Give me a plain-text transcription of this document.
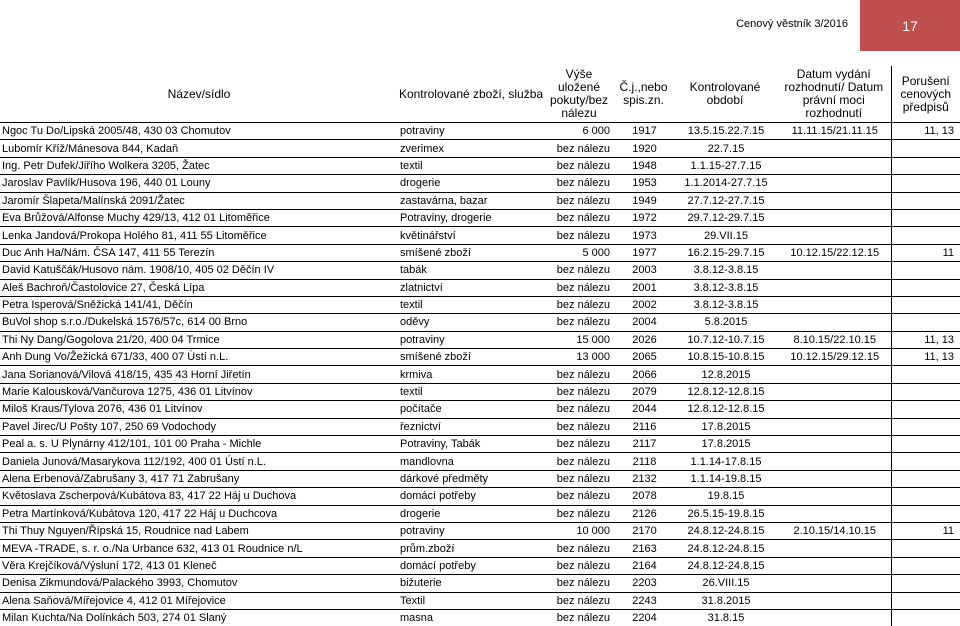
Cenový věstník 3/2016	17
Název/sídlo	Kontrolované zboží, služba	Výše uložené pokuty/bez nálezu	Č.j.,nebo spis.zn.	Kontrolované období	Datum vydání rozhodnutí/ Datum právní moci rozhodnutí	Porušení cenových předpisů
Ngoc Tu Do/Lipská 2005/48, 430 03 Chomutov	potraviny	6 000	1917	13.5.15.22.7.15	11.11.15/21.11.15	11, 13
Lubomír Kříž/Mánesova 844, Kadaň	zverimex	bez nálezu	1920	22.7.15		
Ing. Petr Dufek/Jiřího Wolkera 3205, Žatec	textil	bez nálezu	1948	1.1.15-27.7.15		
Jaroslav Pavlík/Husova 196, 440 01 Louny	drogerie	bez nálezu	1953	1.1.2014-27.7.15		
Jaromír Šlapeta/Malínská 2091/Žatec	zastavárna, bazar	bez nálezu	1949	27.7.12-27.7.15		
Eva Brůžová/Alfonse Muchy 429/13, 412 01 Litoměřice	Potraviny, drogerie	bez nálezu	1972	29.7.12-29.7.15		
Lenka Jandová/Prokopa Holého 81, 411 55 Litoměřice	květinářství	bez nálezu	1973	29.VII.15		
Duc Anh Ha/Nám. ČSA 147, 411 55 Terezín	smíšené zboží	5 000	1977	16.2.15-29.7.15	10.12.15/22.12.15	11
David Katuščák/Husovo nám. 1908/10, 405 02 Děčín IV	tabák	bez nálezu	2003	3.8.12-3.8.15		
Aleš Bachroň/Častolovice 27, Česká Lípa	zlatnictví	bez nálezu	2001	3.8.12-3.8.15		
Petra Isperová/Sněžická 141/41, Děčín	textil	bez nálezu	2002	3.8.12-3.8.15		
BuVol shop s.r.o./Dukelská 1576/57c, 614 00 Brno	oděvy	bez nálezu	2004	5.8.2015		
Thi Ny Dang/Gogolova 21/20, 400 04 Trmice	potraviny	15 000	2026	10.7.12-10.7.15	8.10.15/22.10.15	11, 13
Anh Dung Vo/Žežická 671/33, 400 07 Ústí n.L.	smíšené zboží	13 000	2065	10.8.15-10.8.15	10.12.15/29.12.15	11, 13
Jana Sorianová/Vilová 418/15, 435 43 Horní Jiřetín	krmiva	bez nálezu	2066	12.8.2015		
Marie Kalousková/Vančurova 1275, 436 01 Litvínov	textil	bez nálezu	2079	12.8.12-12.8.15		
Miloš Kraus/Tylova 2076, 436 01 Litvínov	počítače	bez nálezu	2044	12.8.12-12.8.15		
Pavel Jirec/U Pošty 107, 250 69 Vodochody	řeznictví	bez nálezu	2116	17.8.2015		
Peal a. s. U Plynárny 412/101, 101 00 Praha - Michle	Potraviny, Tabák	bez nálezu	2117	17.8.2015		
Daniela Junová/Masarykova 112/192, 400 01 Ústí n.L.	mandlovna	bez nálezu	2118	1.1.14-17.8.15		
Alena Erbenová/Zabrušany 3, 417 71 Zabrušany	dárkové předměty	bez nálezu	2132	1.1.14-19.8.15		
Květoslava Zscherpová/Kubátova 83, 417 22 Háj u Duchova	domácí potřeby	bez nálezu	2078	19.8.15		
Petra Martínková/Kubátova 120, 417 22 Háj u Duchcova	drogerie	bez nálezu	2126	26.5.15-19.8.15		
Thi Thuy Nguyen/Řípská 15, Roudnice nad Labem	potraviny	10 000	2170	24.8.12-24.8.15	2.10.15/14.10.15	11
MEVA -TRADE, s. r. o./Na Urbance 632, 413 01 Roudnice n/L	prům.zboží	bez nálezu	2163	24.8.12-24.8.15		
Věra Krejčíková/Výsluní 172, 413 01 Kleneč	domácí potřeby	bez nálezu	2164	24.8.12-24.8.15		
Denisa Zikmundová/Palackého 3993, Chomutov	bižuterie	bez nálezu	2203	26.VIII.15		
Alena Saňová/Mířejovice 4, 412 01 Mířejovice	Textil	bez nálezu	2243	31.8.2015		
Milan Kuchta/Na Dolínkách 503, 274 01 Slaný	masna	bez nálezu	2204	31.8.15		
